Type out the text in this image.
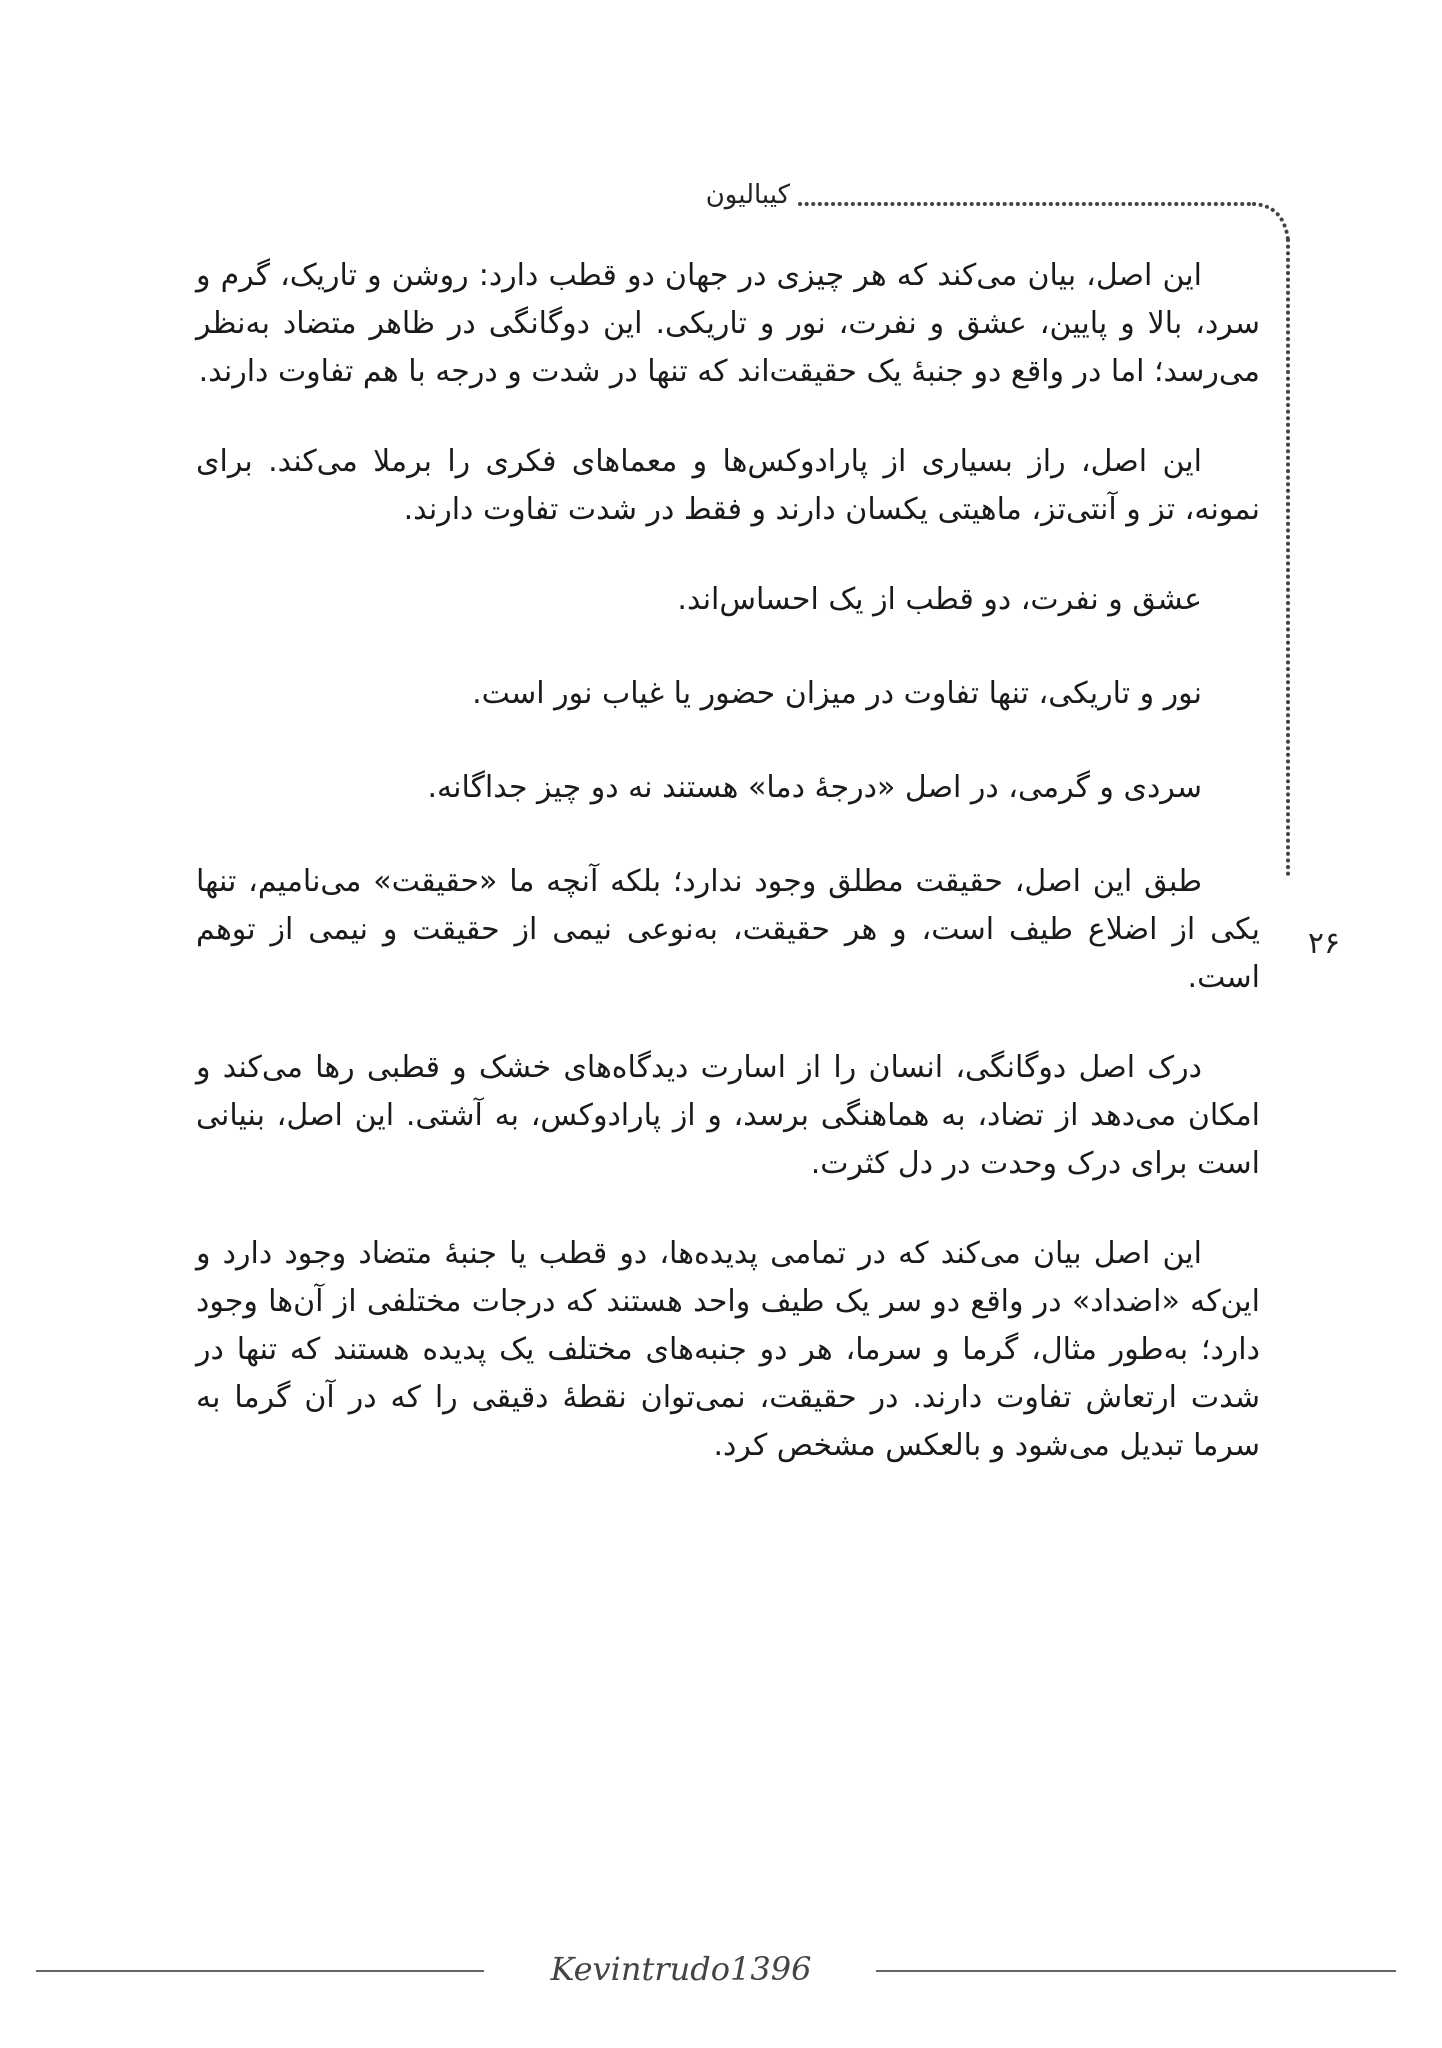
کیبالیون
۲۶

این اصل، بیان می‌کند که هر چیزی در جهان دو قطب دارد: روشن و تاریک، گرم و سرد، بالا و پایین، عشق و نفرت، نور و تاریکی. این دوگانگی در ظاهر متضاد به‌نظر می‌رسد؛ اما در واقع دو جنبهٔ یک حقیقت‌اند که تنها در شدت و درجه با هم تفاوت دارند.

این اصل، راز بسیاری از پارادوکس‌ها و معماهای فکری را برملا می‌کند. برای نمونه، تز و آنتی‌تز، ماهیتی یکسان دارند و فقط در شدت تفاوت دارند.

عشق و نفرت، دو قطب از یک احساس‌اند.

نور و تاریکی، تنها تفاوت در میزان حضور یا غیاب نور است.

سردی و گرمی، در اصل «درجهٔ دما» هستند نه دو چیز جداگانه.

طبق این اصل، حقیقت مطلق وجود ندارد؛ بلکه آنچه ما «حقیقت» می‌نامیم، تنها یکی از اضلاع طیف است، و هر حقیقت، به‌نوعی نیمی از حقیقت و نیمی از توهم است.

درک اصل دوگانگی، انسان را از اسارت دیدگاه‌های خشک و قطبی رها می‌کند و امکان می‌دهد از تضاد، به هماهنگی برسد، و از پارادوکس، به آشتی. این اصل، بنیانی است برای درک وحدت در دل کثرت.

این اصل بیان می‌کند که در تمامی پدیده‌ها، دو قطب یا جنبهٔ متضاد وجود دارد و این‌که «اضداد» در واقع دو سر یک طیف واحد هستند که درجات مختلفی از آن‌ها وجود دارد؛ به‌طور مثال، گرما و سرما، هر دو جنبه‌های مختلف یک پدیده هستند که تنها در شدت ارتعاش تفاوت دارند. در حقیقت، نمی‌توان نقطهٔ دقیقی را که در آن گرما به سرما تبدیل می‌شود و بالعکس مشخص کرد.

Kevintrudo1396
